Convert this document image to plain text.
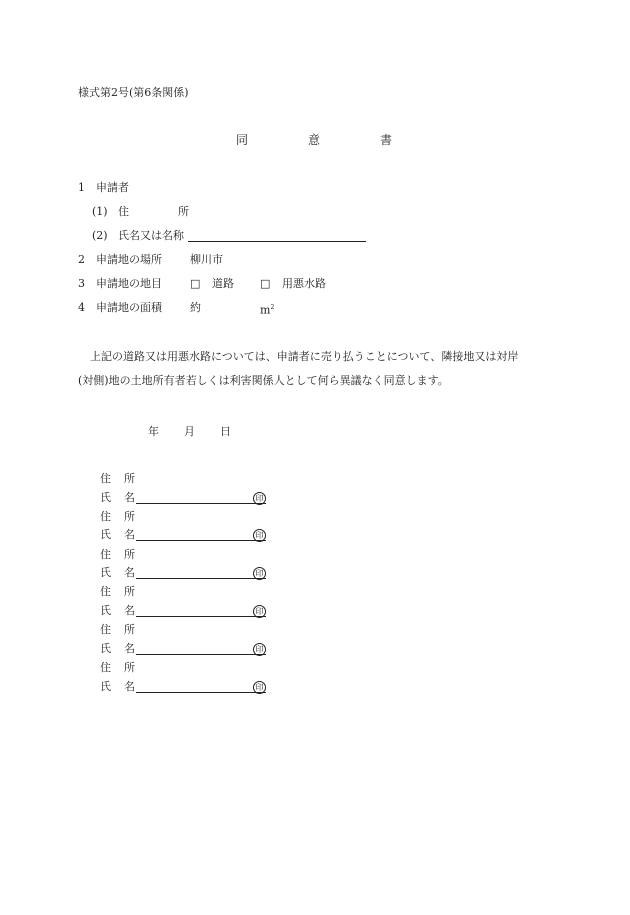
様式第2号(第6条関係)
同	意	書
1 申請者
(1) 住	所
(2) 氏名又は名称
2 申請地の場所	柳川市
3 申請地の地目	□ 道路 □ 用悪水路
4 申請地の面積	約	$m^2$
上記の道路又は用悪水路については、申請者に売り払うことについて、隣接地又は対岸
(対側)地の土地所有者若しくは利害関係人として何ら異議なく同意します。
年 月 日
住 所
氏 名	印
住 所
氏 名	印
住 所
氏 名	印
住 所
氏 名	印
住 所
氏 名	印
住 所
氏 名	印
